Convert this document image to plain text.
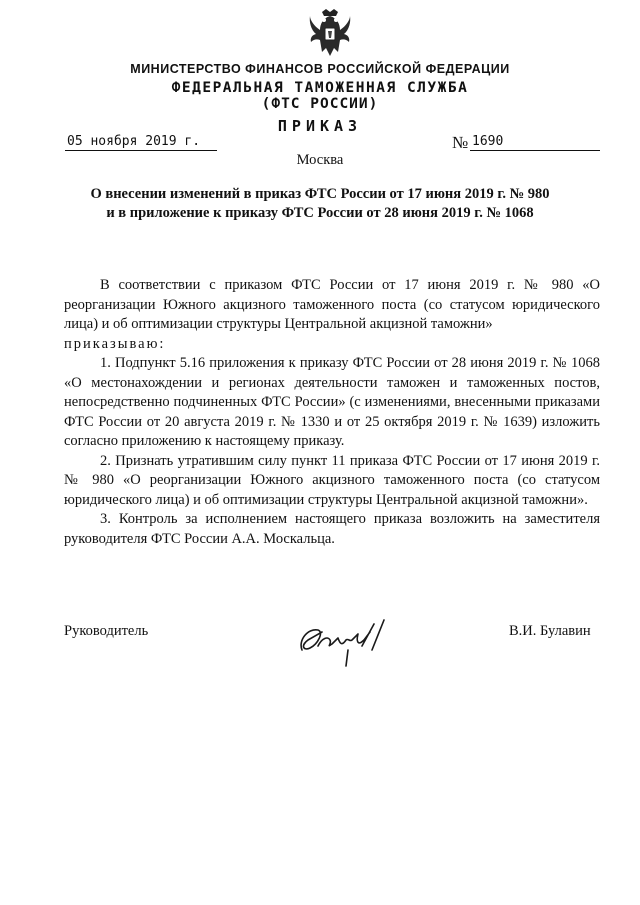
МИНИСТЕРСТВО ФИНАНСОВ РОССИЙСКОЙ ФЕДЕРАЦИИ
ФЕДЕРАЛЬНАЯ ТАМОЖЕННАЯ СЛУЖБА
(ФТС РОССИИ)
ПРИКАЗ
05 ноября 2019 г.	№ 1690
Москва
О внесении изменений в приказ ФТС России от 17 июня 2019 г. № 980
и в приложение к приказу ФТС России от 28 июня 2019 г. № 1068

В соответствии с приказом ФТС России от 17 июня 2019 г. № 980 «О реорганизации Южного акцизного таможенного поста (со статусом юридического лица) и об оптимизации структуры Центральной акцизной таможни»

приказываю:

1. Подпункт 5.16 приложения к приказу ФТС России от 28 июня 2019 г. № 1068 «О местонахождении и регионах деятельности таможен и таможенных постов, непосредственно подчиненных ФТС России» (с изменениями, внесенными приказами ФТС России от 20 августа 2019 г. № 1330 и от 25 октября 2019 г. № 1639) изложить согласно приложению к настоящему приказу.

2. Признать утратившим силу пункт 11 приказа ФТС России от 17 июня 2019 г. № 980 «О реорганизации Южного акцизного таможенного поста (со статусом юридического лица) и об оптимизации структуры Центральной акцизной таможни».

3. Контроль за исполнением настоящего приказа возложить на заместителя руководителя ФТС России А.А. Москальца.

Руководитель	В.И. Булавин
